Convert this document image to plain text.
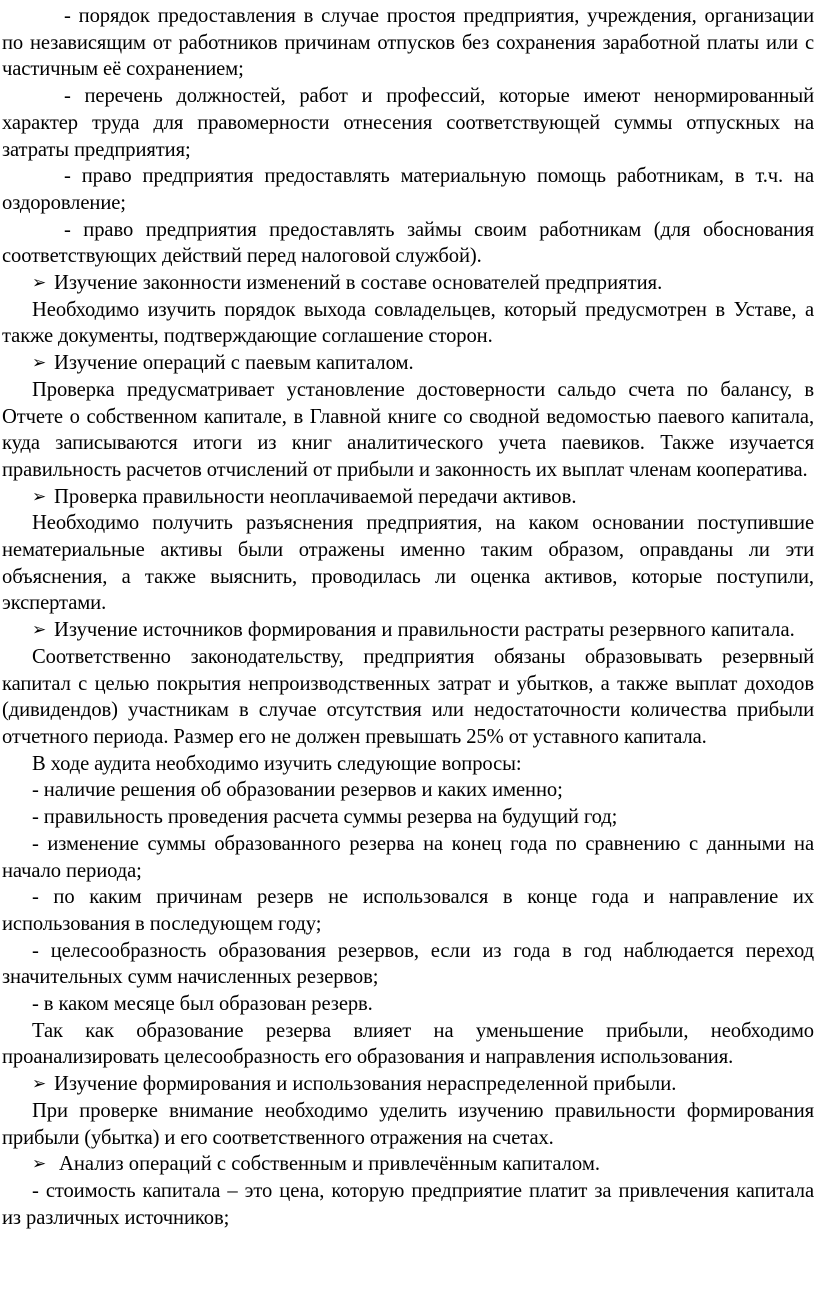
- порядок предоставления в случае простоя предприятия, учреждения, организации по независящим от работников причинам отпусков без сохранения заработной платы или с частичным её сохранением;

- перечень должностей, работ и профессий, которые имеют ненормированный характер труда для правомерности отнесения соответствующей суммы отпускных на затраты предприятия;

- право предприятия предоставлять материальную помощь работникам, в т.ч. на оздоровление;

- право предприятия предоставлять займы своим работникам (для обоснования соответствующих действий перед налоговой службой).

➢ Изучение законности изменений в составе основателей предприятия.

Необходимо изучить порядок выхода совладельцев, который предусмотрен в Уставе, а также документы, подтверждающие соглашение сторон.

➢ Изучение операций с паевым капиталом.

Проверка предусматривает установление достоверности сальдо счета по балансу, в Отчете о собственном капитале, в Главной книге со сводной ведомостью паевого капитала, куда записываются итоги из книг аналитического учета паевиков. Также изучается правильность расчетов отчислений от прибыли и законность их выплат членам кооператива.

➢ Проверка правильности неоплачиваемой передачи активов.

Необходимо получить разъяснения предприятия, на каком основании поступившие нематериальные активы были отражены именно таким образом, оправданы ли эти объяснения, а также выяснить, проводилась ли оценка активов, которые поступили, экспертами.

➢ Изучение источников формирования и правильности растраты резервного капитала.

Соответственно законодательству, предприятия обязаны образовывать резервный капитал с целью покрытия непроизводственных затрат и убытков, а также выплат доходов (дивидендов) участникам в случае отсутствия или недостаточности количества прибыли отчетного периода. Размер его не должен превышать 25% от уставного капитала.

В ходе аудита необходимо изучить следующие вопросы:

- наличие решения об образовании резервов и каких именно;

- правильность проведения расчета суммы резерва на будущий год;

- изменение суммы образованного резерва на конец года по сравнению с данными на начало периода;

- по каким причинам резерв не использовался в конце года и направление их использования в последующем году;

- целесообразность образования резервов, если из года в год наблюдается переход значительных сумм начисленных резервов;

- в каком месяце был образован резерв.

Так как образование резерва влияет на уменьшение прибыли, необходимо проанализировать целесообразность его образования и направления использования.

➢ Изучение формирования и использования нераспределенной прибыли.

При проверке внимание необходимо уделить изучению правильности формирования прибыли (убытка) и его соответственного отражения на счетах.

➢ Анализ операций с собственным и привлечённым капиталом.

- стоимость капитала – это цена, которую предприятие платит за привлечения капитала из различных источников;
